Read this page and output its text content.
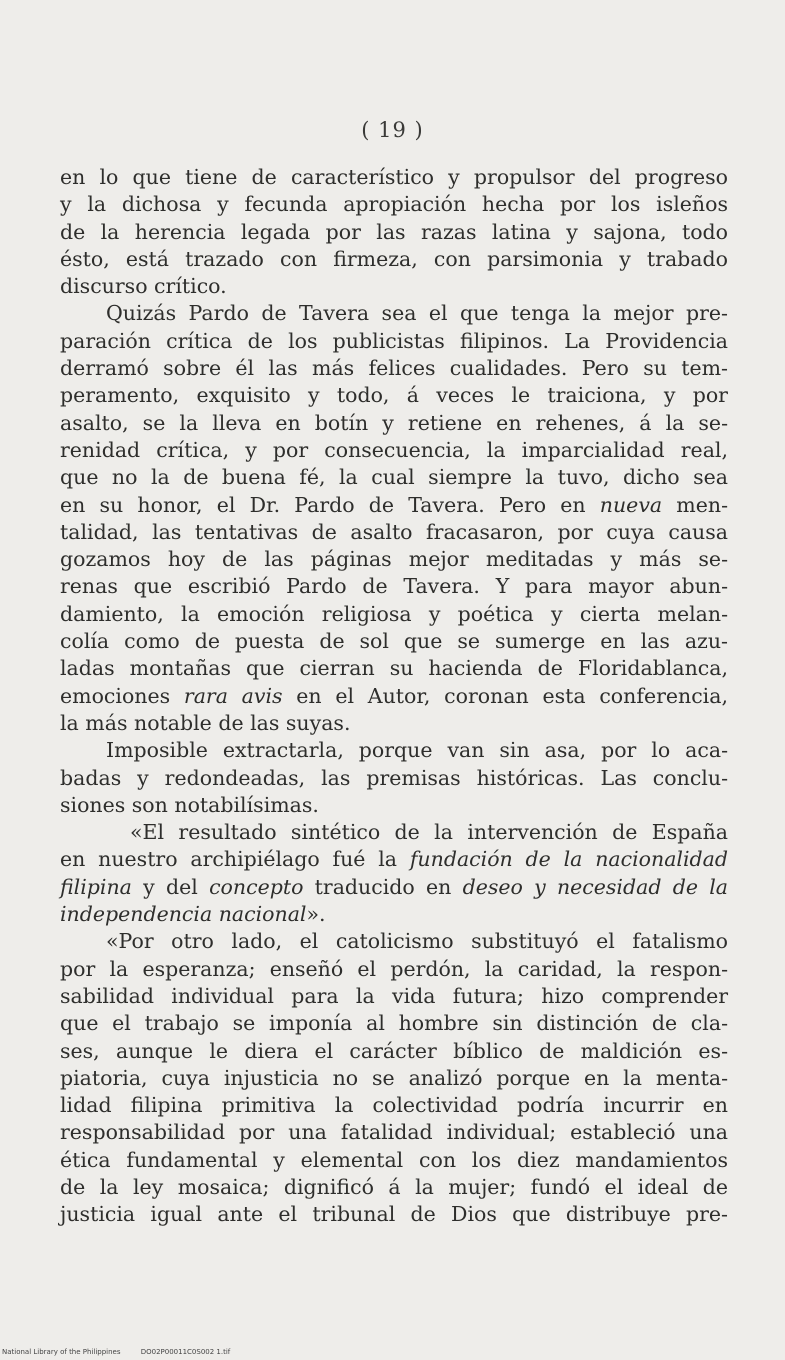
( 19 )
en lo que tiene de característico y propulsor del progreso
y la dichosa y fecunda apropiación hecha por los isleños
de la herencia legada por las razas latina y sajona, todo
ésto, está trazado con firmeza, con parsimonia y trabado
discurso crítico.
Quizás Pardo de Tavera sea el que tenga la mejor pre-
paración crítica de los publicistas filipinos. La Providencia
derramó sobre él las más felices cualidades. Pero su tem-
peramento, exquisito y todo, á veces le traiciona, y por
asalto, se la lleva en botín y retiene en rehenes, á la se-
renidad crítica, y por consecuencia, la imparcialidad real,
que no la de buena fé, la cual siempre la tuvo, dicho sea
en su honor, el Dr. Pardo de Tavera. Pero en nueva men-
talidad, las tentativas de asalto fracasaron, por cuya causa
gozamos hoy de las páginas mejor meditadas y más se-
renas que escribió Pardo de Tavera. Y para mayor abun-
damiento, la emoción religiosa y poética y cierta melan-
colía como de puesta de sol que se sumerge en las azu-
ladas montañas que cierran su hacienda de Floridablanca,
emociones rara avis en el Autor, coronan esta conferencia,
la más notable de las suyas.
Imposible extractarla, porque van sin asa, por lo aca-
badas y redondeadas, las premisas históricas. Las conclu-
siones son notabilísimas.
«El resultado sintético de la intervención de España
en nuestro archipiélago fué la fundación de la nacionalidad
filipina y del concepto traducido en deseo y necesidad de la
independencia nacional».
«Por otro lado, el catolicismo substituyó el fatalismo
por la esperanza; enseñó el perdón, la caridad, la respon-
sabilidad individual para la vida futura; hizo comprender
que el trabajo se imponía al hombre sin distinción de cla-
ses, aunque le diera el carácter bíblico de maldición es-
piatoria, cuya injusticia no se analizó porque en la menta-
lidad filipina primitiva la colectividad podría incurrir en
responsabilidad por una fatalidad individual; estableció una
ética fundamental y elemental con los diez mandamientos
de la ley mosaica; dignificó á la mujer; fundó el ideal de
justicia igual ante el tribunal de Dios que distribuye pre-
National Library of the Philippines	DO02P00011C0S002 1.tif
